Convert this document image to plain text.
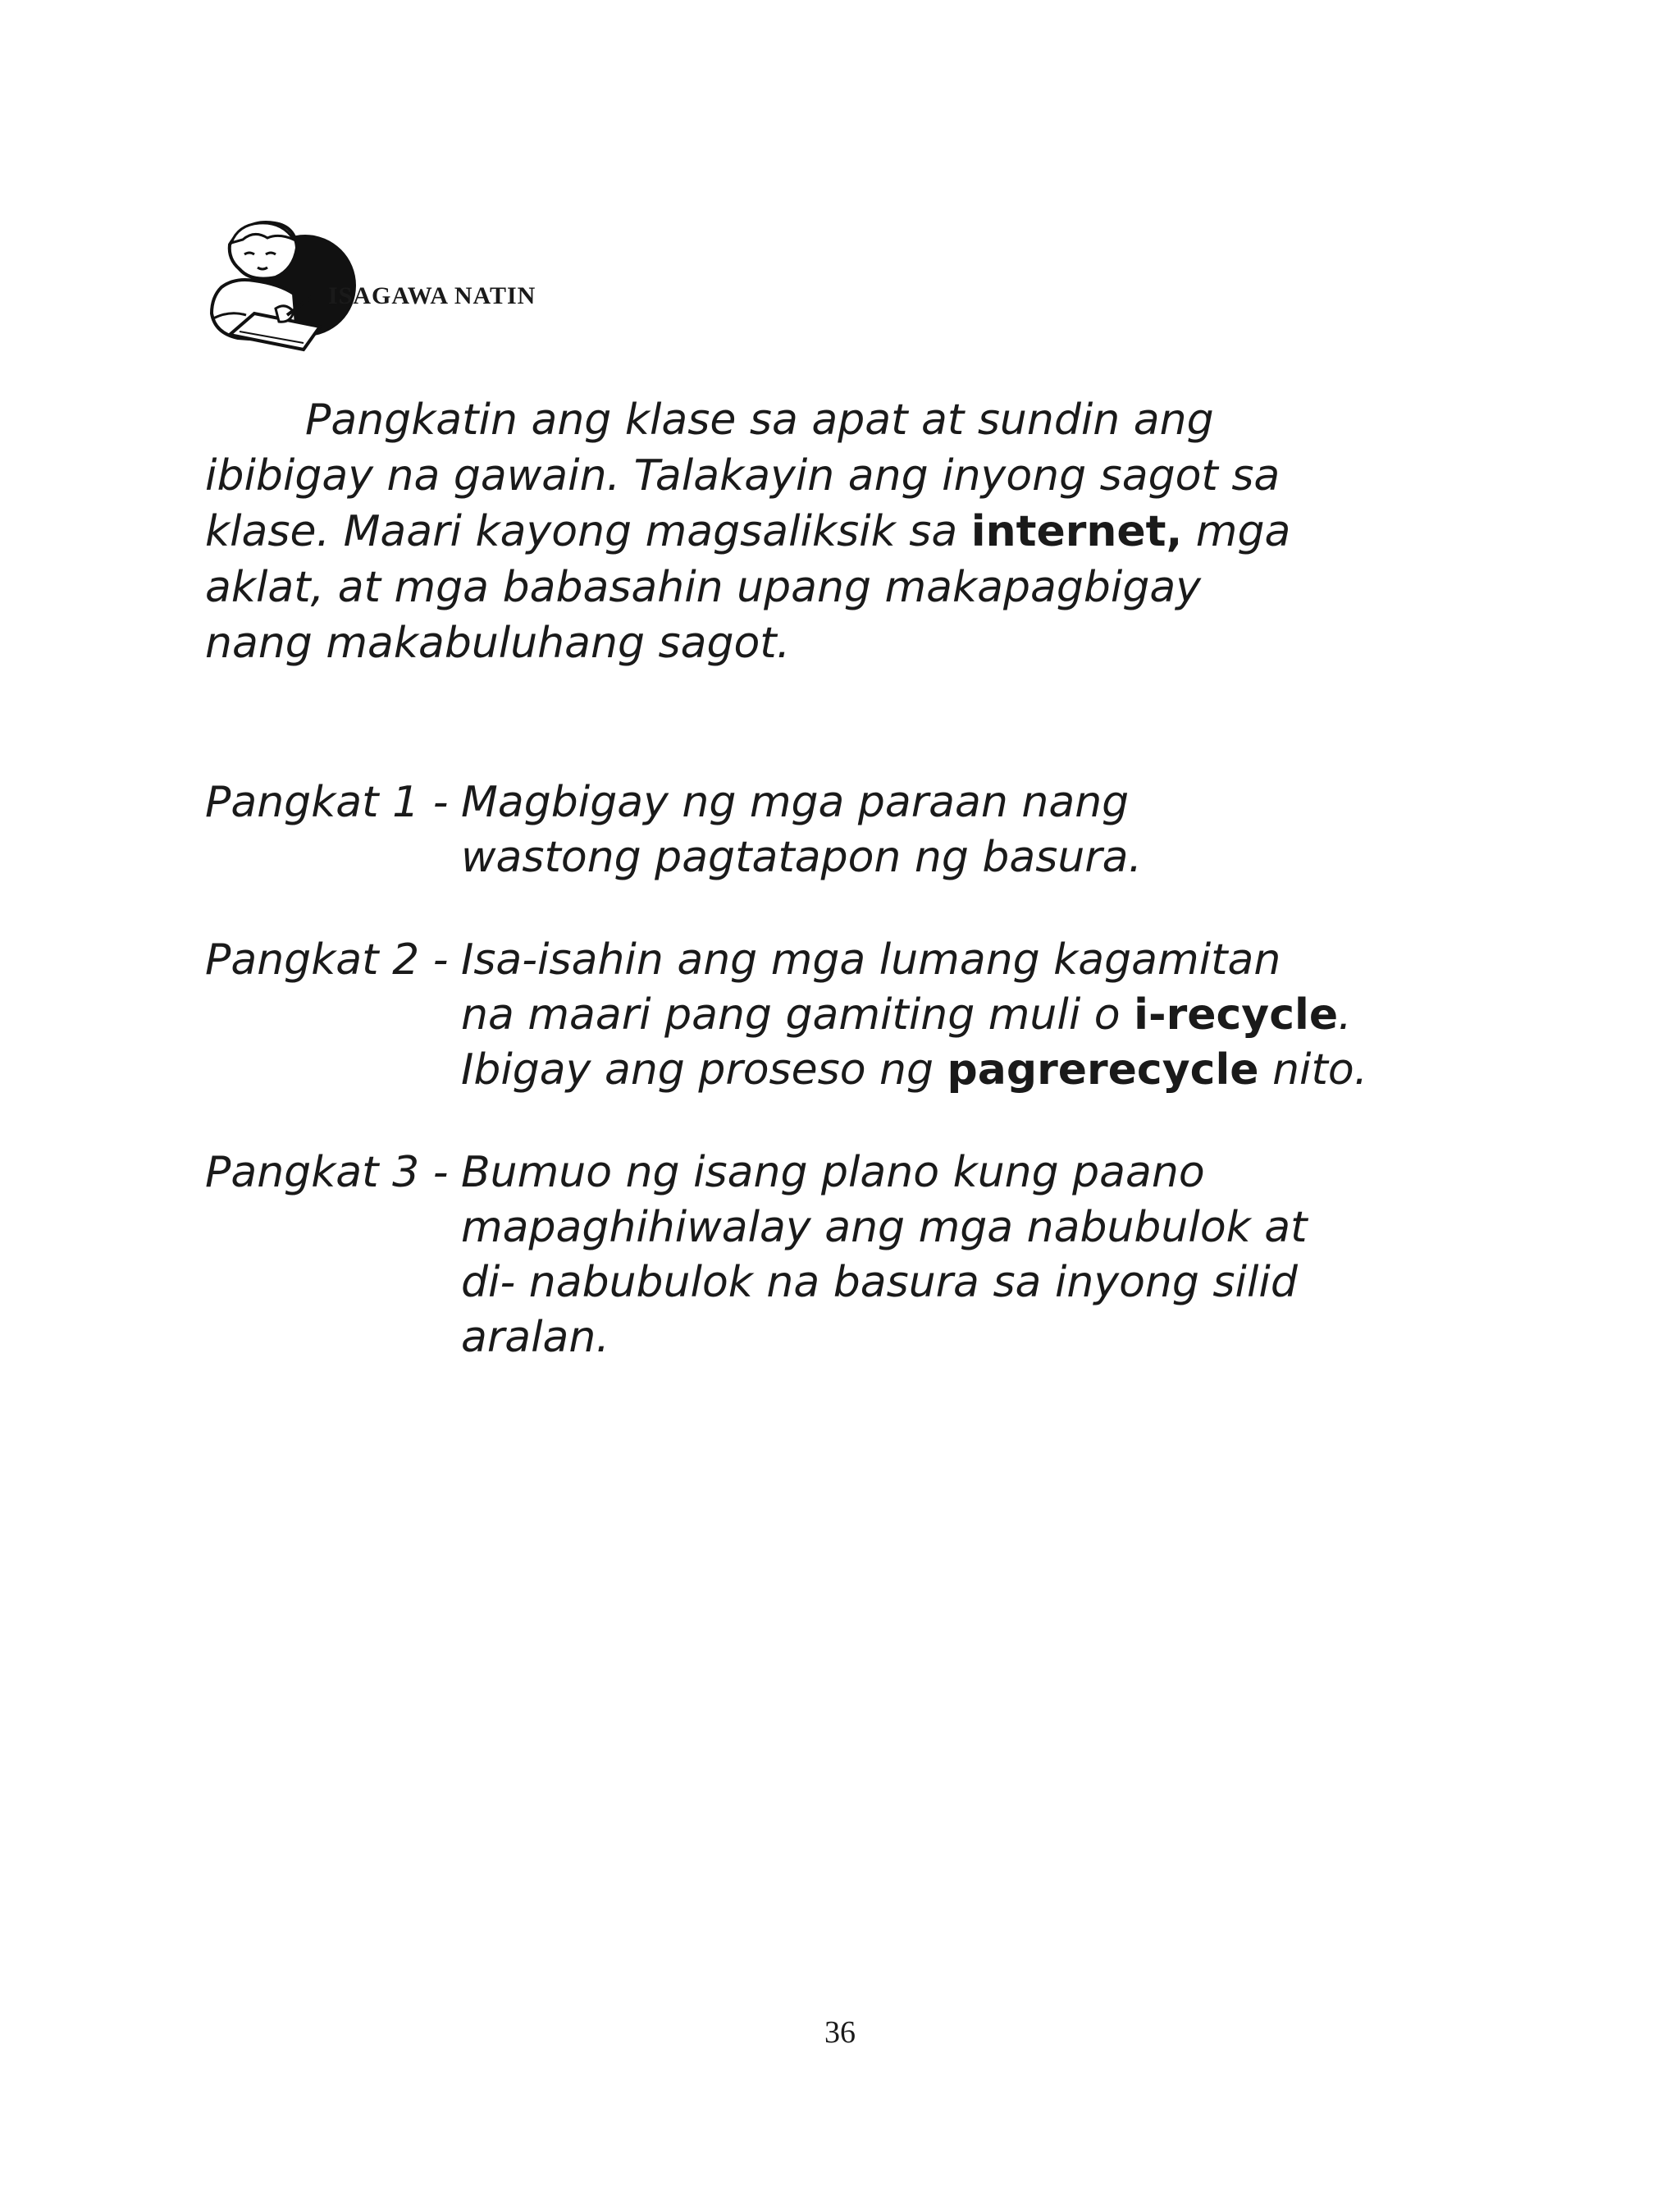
ISAGAWA NATIN
Pangkatin ang klase sa apat at sundin ang
ibibigay na gawain. Talakayin ang inyong sagot sa
klase. Maari kayong magsaliksik sa internet, mga
aklat, at mga babasahin upang makapagbigay
nang makabuluhang sagot.
Pangkat 1 - Magbigay ng mga paraan nang
wastong pagtatapon ng basura.
Pangkat 2 - Isa-isahin ang mga lumang kagamitan
na maari pang gamiting muli o i-recycle.
Ibigay ang proseso ng pagrerecycle nito.
Pangkat 3 - Bumuo ng isang plano kung paano
mapaghihiwalay ang mga nabubulok at
di- nabubulok na basura sa inyong silid
aralan.
36
